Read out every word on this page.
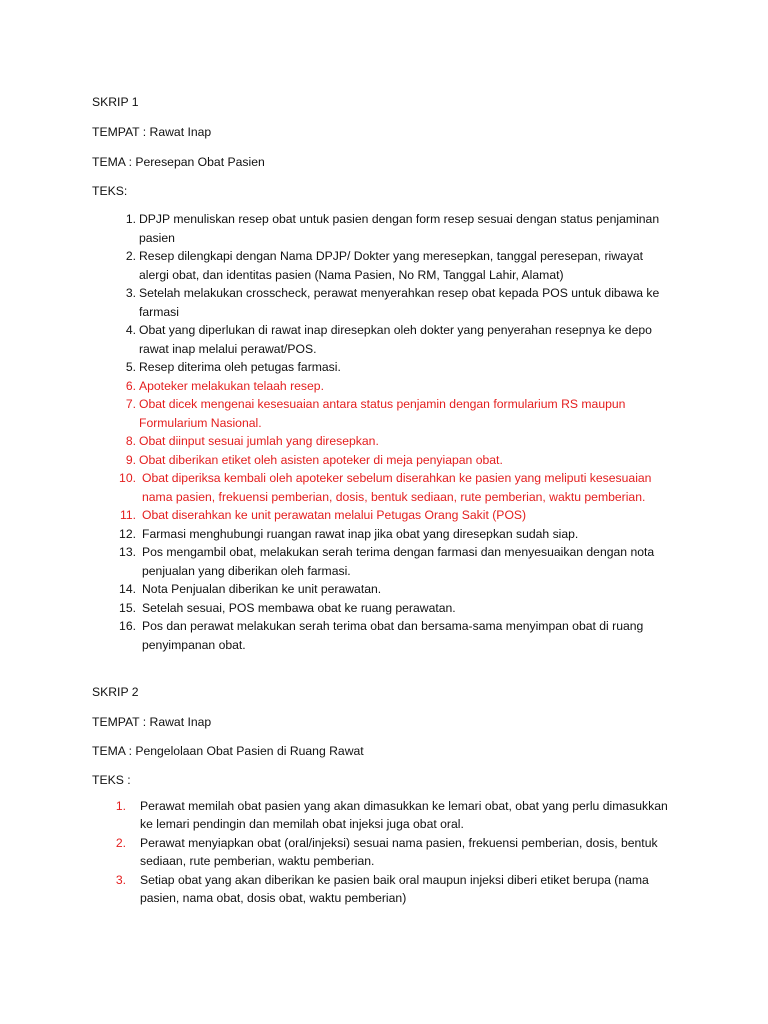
SKRIP 1
TEMPAT : Rawat Inap
TEMA : Peresepan Obat Pasien
TEKS:
1. DPJP menuliskan resep obat untuk pasien dengan form resep sesuai dengan status penjaminan pasien
2. Resep dilengkapi dengan Nama DPJP/ Dokter yang meresepkan, tanggal peresepan, riwayat alergi obat, dan identitas pasien (Nama Pasien, No RM, Tanggal Lahir, Alamat)
3. Setelah melakukan crosscheck, perawat menyerahkan resep obat kepada POS untuk dibawa ke farmasi
4. Obat yang diperlukan di rawat inap diresepkan oleh dokter yang penyerahan resepnya ke depo rawat inap melalui perawat/POS.
5. Resep diterima oleh petugas farmasi.
6. Apoteker melakukan telaah resep.
7. Obat dicek mengenai kesesuaian antara status penjamin dengan formularium RS maupun Formularium Nasional.
8. Obat diinput sesuai jumlah yang diresepkan.
9. Obat diberikan etiket oleh asisten apoteker di meja penyiapan obat.
10. Obat diperiksa kembali oleh apoteker sebelum diserahkan ke pasien yang meliputi kesesuaian nama pasien, frekuensi pemberian, dosis, bentuk sediaan, rute pemberian, waktu pemberian.
11. Obat diserahkan ke unit perawatan melalui Petugas Orang Sakit (POS)
12. Farmasi menghubungi ruangan rawat inap jika obat yang diresepkan sudah siap.
13. Pos mengambil obat, melakukan serah terima dengan farmasi dan menyesuaikan dengan nota penjualan yang diberikan oleh farmasi.
14. Nota Penjualan diberikan ke unit perawatan.
15. Setelah sesuai, POS membawa obat ke ruang perawatan.
16. Pos dan perawat melakukan serah terima obat dan bersama-sama menyimpan obat di ruang penyimpanan obat.
SKRIP 2
TEMPAT : Rawat Inap
TEMA : Pengelolaan Obat Pasien di Ruang Rawat
TEKS :
1. Perawat memilah obat pasien yang akan dimasukkan ke lemari obat, obat yang perlu dimasukkan ke lemari pendingin dan memilah obat injeksi juga obat oral.
2. Perawat menyiapkan obat (oral/injeksi) sesuai nama pasien, frekuensi pemberian, dosis, bentuk sediaan, rute pemberian, waktu pemberian.
3. Setiap obat yang akan diberikan ke pasien baik oral maupun injeksi diberi etiket berupa (nama pasien, nama obat, dosis obat, waktu pemberian)
